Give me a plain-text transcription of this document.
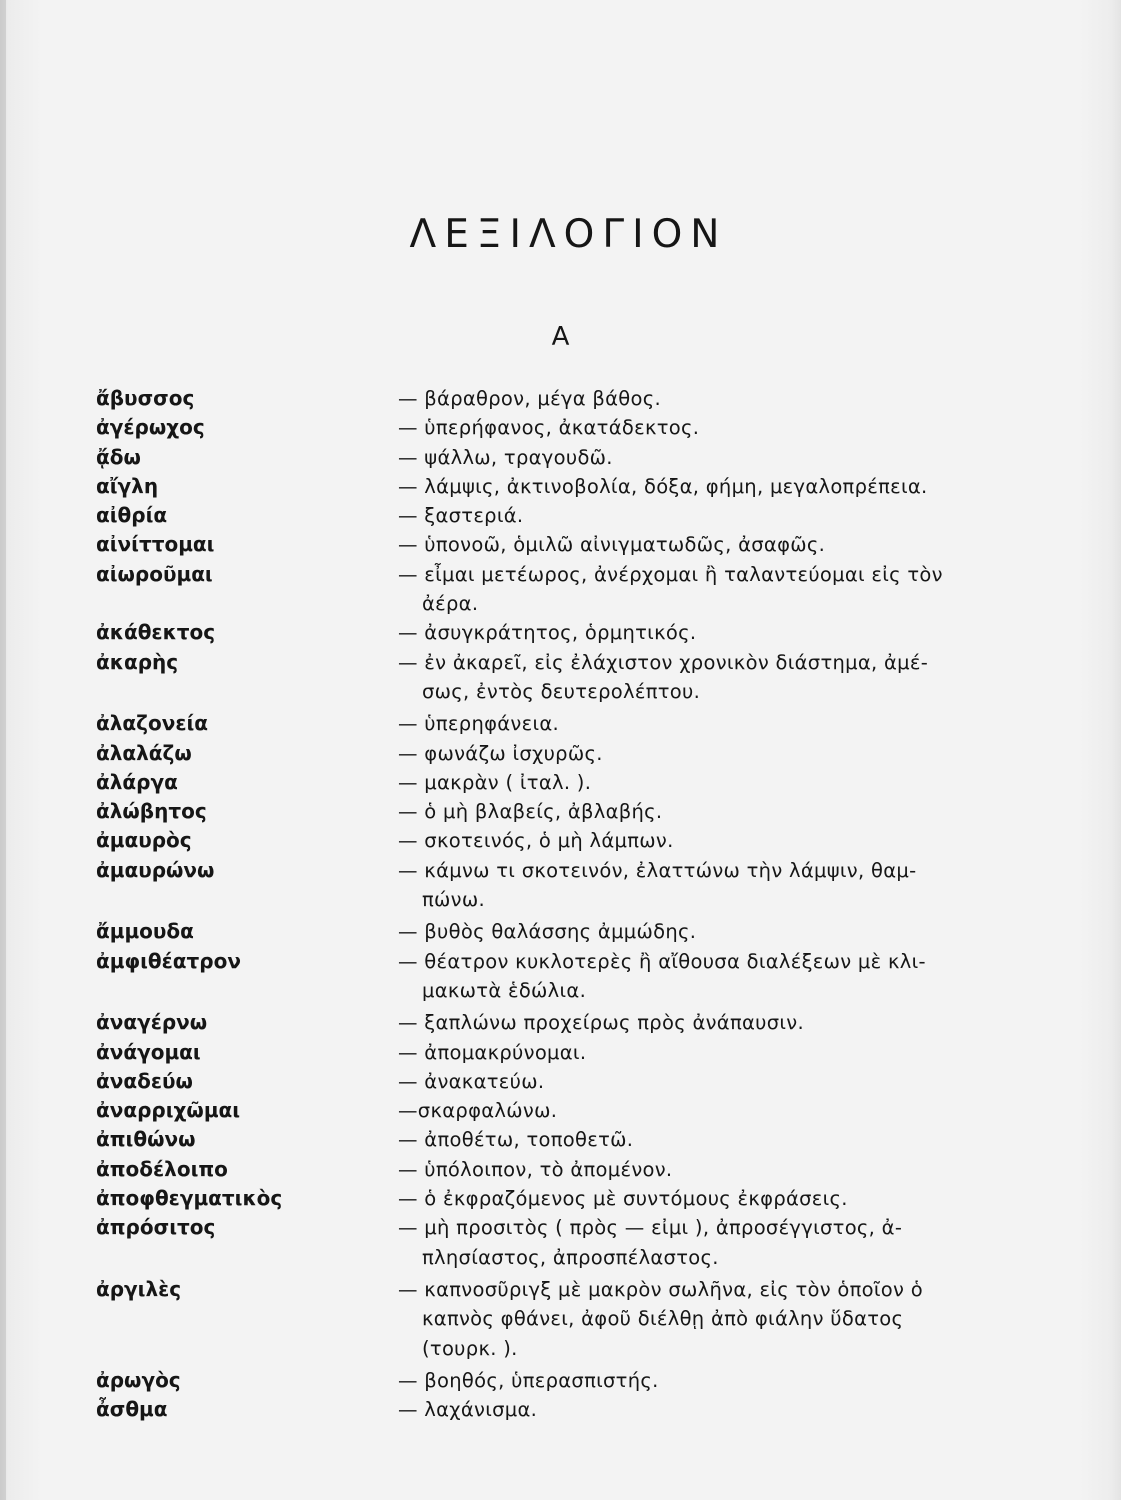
ΛΕΞΙΛΟΓΙΟΝ
Α
ἄβυσσος	— βάραθρον, μέγα βάθος.
ἀγέρωχος	— ὑπερήφανος, ἀκατάδεκτος.
ᾄδω	— ψάλλω, τραγουδῶ.
αἴγλη	— λάμψις, ἀκτινοβολία, δόξα, φήμη, μεγαλοπρέπεια.
αἰθρία	— ξαστεριά.
αἰνίττομαι	— ὑπονοῶ, ὁμιλῶ αἰνιγματωδῶς, ἀσαφῶς.
αἰωροῦμαι	— εἶμαι μετέωρος, ἀνέρχομαι ἢ ταλαντεύομαι εἰς τὸν
ἀέρα.
ἀκάθεκτος	— ἀσυγκράτητος, ὁρμητικός.
ἀκαρὴς	— ἐν ἀκαρεῖ, εἰς ἐλάχιστον χρονικὸν διάστημα, ἀμέ-
σως, ἐντὸς δευτερολέπτου.
ἀλαζονεία	— ὑπερηφάνεια.
ἀλαλάζω	— φωνάζω ἰσχυρῶς.
ἀλάργα	— μακρὰν ( ἰταλ. ).
ἀλώβητος	— ὁ μὴ βλαβείς, ἀβλαβής.
ἀμαυρὸς	— σκοτεινός, ὁ μὴ λάμπων.
ἀμαυρώνω	— κάμνω τι σκοτεινόν, ἐλαττώνω τὴν λάμψιν, θαμ-
πώνω.
ἄμμουδα	— βυθὸς θαλάσσης ἀμμώδης.
ἀμφιθέατρον	— θέατρον κυκλοτερὲς ἢ αἴθουσα διαλέξεων μὲ κλι-
μακωτὰ ἑδώλια.
ἀναγέρνω	— ξαπλώνω προχείρως πρὸς ἀνάπαυσιν.
ἀνάγομαι	— ἀπομακρύνομαι.
ἀναδεύω	— ἀνακατεύω.
ἀναρριχῶμαι	—σκαρφαλώνω.
ἀπιθώνω	— ἀποθέτω, τοποθετῶ.
ἀποδέλοιπο	— ὑπόλοιπον, τὸ ἀπομένον.
ἀποφθεγματικὸς	— ὁ ἐκφραζόμενος μὲ συντόμους ἐκφράσεις.
ἀπρόσιτος	— μὴ προσιτὸς ( πρὸς — εἰμι ), ἀπροσέγγιστος, ἀ-
πλησίαστος, ἀπροσπέλαστος.
ἀργιλὲς	— καπνοσῦριγξ μὲ μακρὸν σωλῆνα, εἰς τὸν ὁποῖον ὁ
καπνὸς φθάνει, ἀφοῦ διέλθῃ ἀπὸ φιάλην ὕδατος
(τουρκ. ).
ἀρωγὸς	— βοηθός, ὑπερασπιστής.
ἆσθμα	— λαχάνισμα.
